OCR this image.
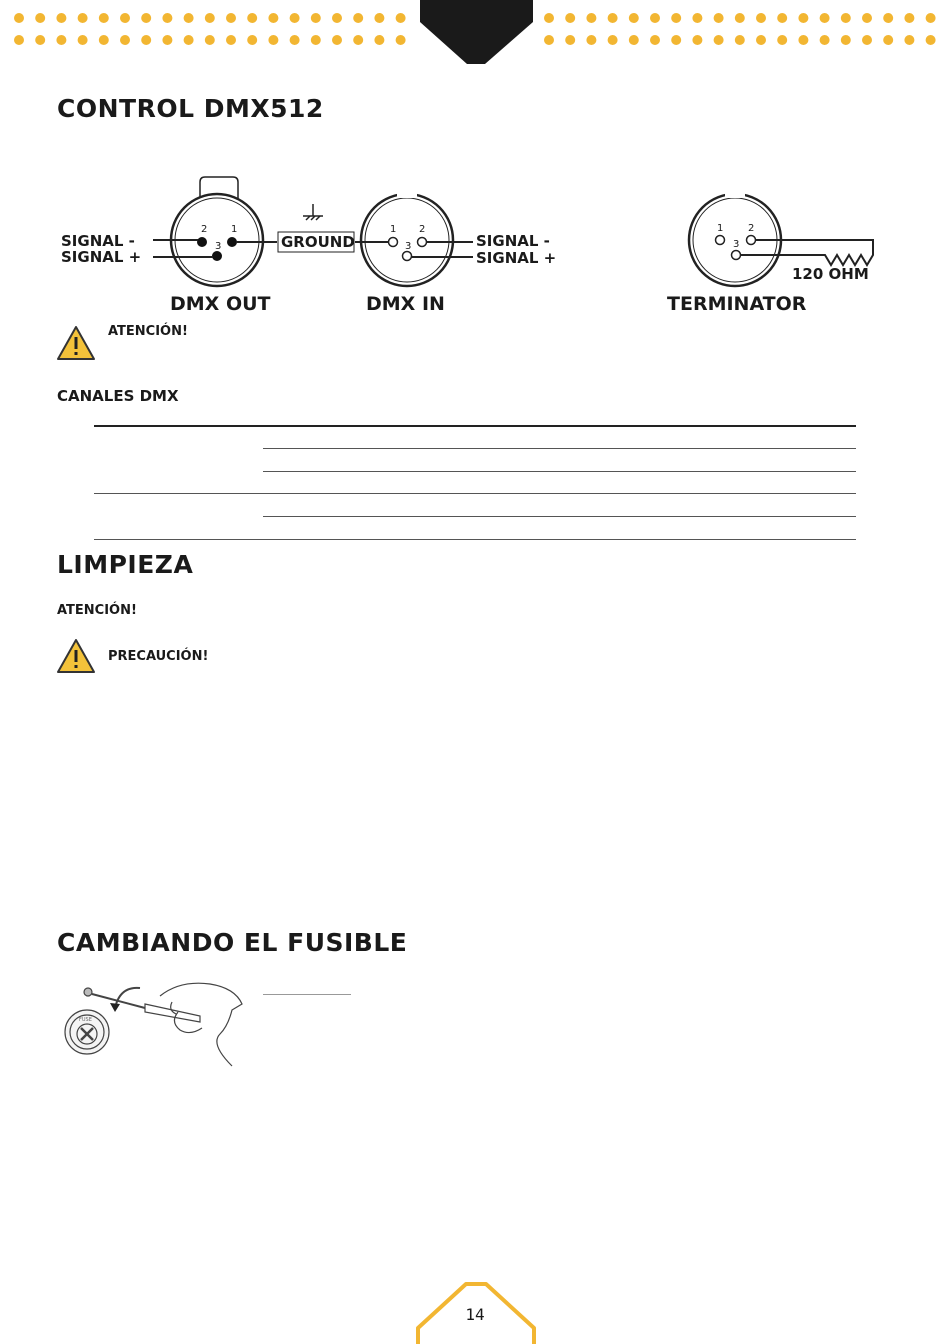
CONTROL DMX512
2 1
3
1 2
3
1 2
3
SIGNAL -
SIGNAL +
GROUND	SIGNAL -
SIGNAL +
120 OHM
DMX OUT	DMX IN	TERMINATOR
ATENCIÓN!
CANALES DMX
LIMPIEZA
ATENCIÓN!
PRECAUCIÓN!
CAMBIANDO EL FUSIBLE
FUSE
14
